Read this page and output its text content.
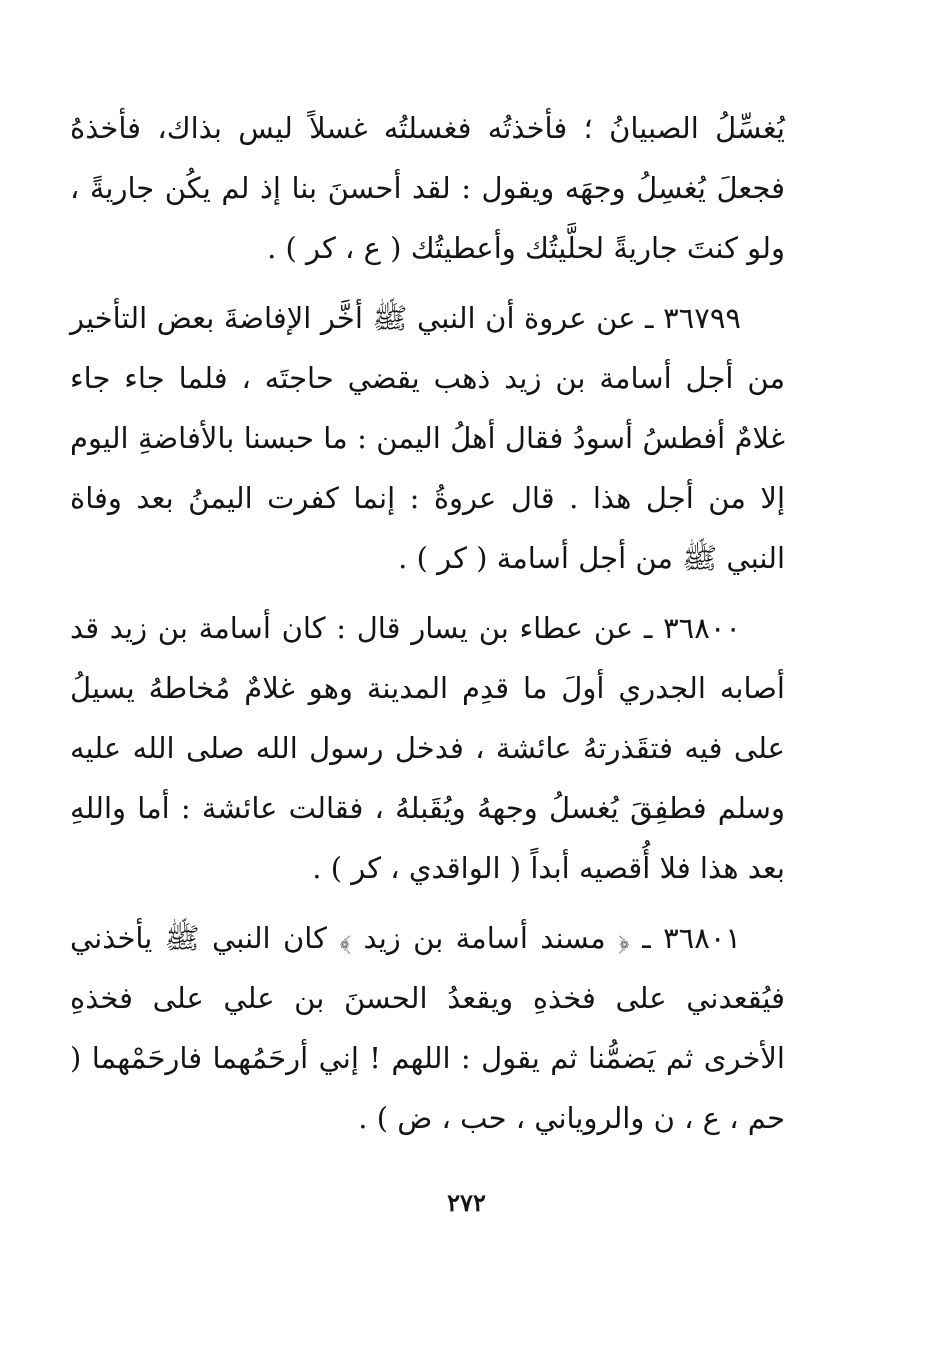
يُغسِّلُ الصبيانُ ؛ فأخذتُه فغسلتُه غسلاً ليس بذاك، فأخذهُ فجعلَ يُغسِلُ وجهَه ويقول : لقد أحسنَ بنا إذ لم يكُن جاريةً ، ولو كنتَ جاريةً لحلَّيتُك وأعطيتُك ( ع ، كر ) .

٣٦٧٩٩ ـ عن عروة أن النبي ﷺ أخَّر الإفاضةَ بعض التأخير من أجل أسامة بن زيد ذهب يقضي حاجتَه ، فلما جاء جاء غلامٌ أفطسُ أسودُ فقال أهلُ اليمن : ما حبسنا بالأفاضةِ اليوم إلا من أجل هذا . قال عروةُ : إنما كفرت اليمنُ بعد وفاة النبي ﷺ من أجل أسامة ( كر ) .

٣٦٨٠٠ ـ عن عطاء بن يسار قال : كان أسامة بن زيد قد أصابه الجدري أولَ ما قدِم المدينة وهو غلامٌ مُخاطهُ يسيلُ على فيه فتقَذرتهُ عائشة ، فدخل رسول الله صلى الله عليه وسلم فطفِقَ يُغسلُ وجههُ ويُقَبلهُ ، فقالت عائشة : أما واللهِ بعد هذا فلا أُقصيه أبداً ( الواقدي ، كر ) .

٣٦٨٠١ ـ ﴿ مسند أسامة بن زيد ﴾ كان النبي ﷺ يأخذني فيُقعدني على فخذهِ ويقعدُ الحسنَ بن علي على فخذهِ الأخرى ثم يَضمُّنا ثم يقول : اللهم ! إني أرحَمُهما فارحَمْهما ( حم ، ع ، ن والروياني ، حب ، ض ) .

٢٧٢
